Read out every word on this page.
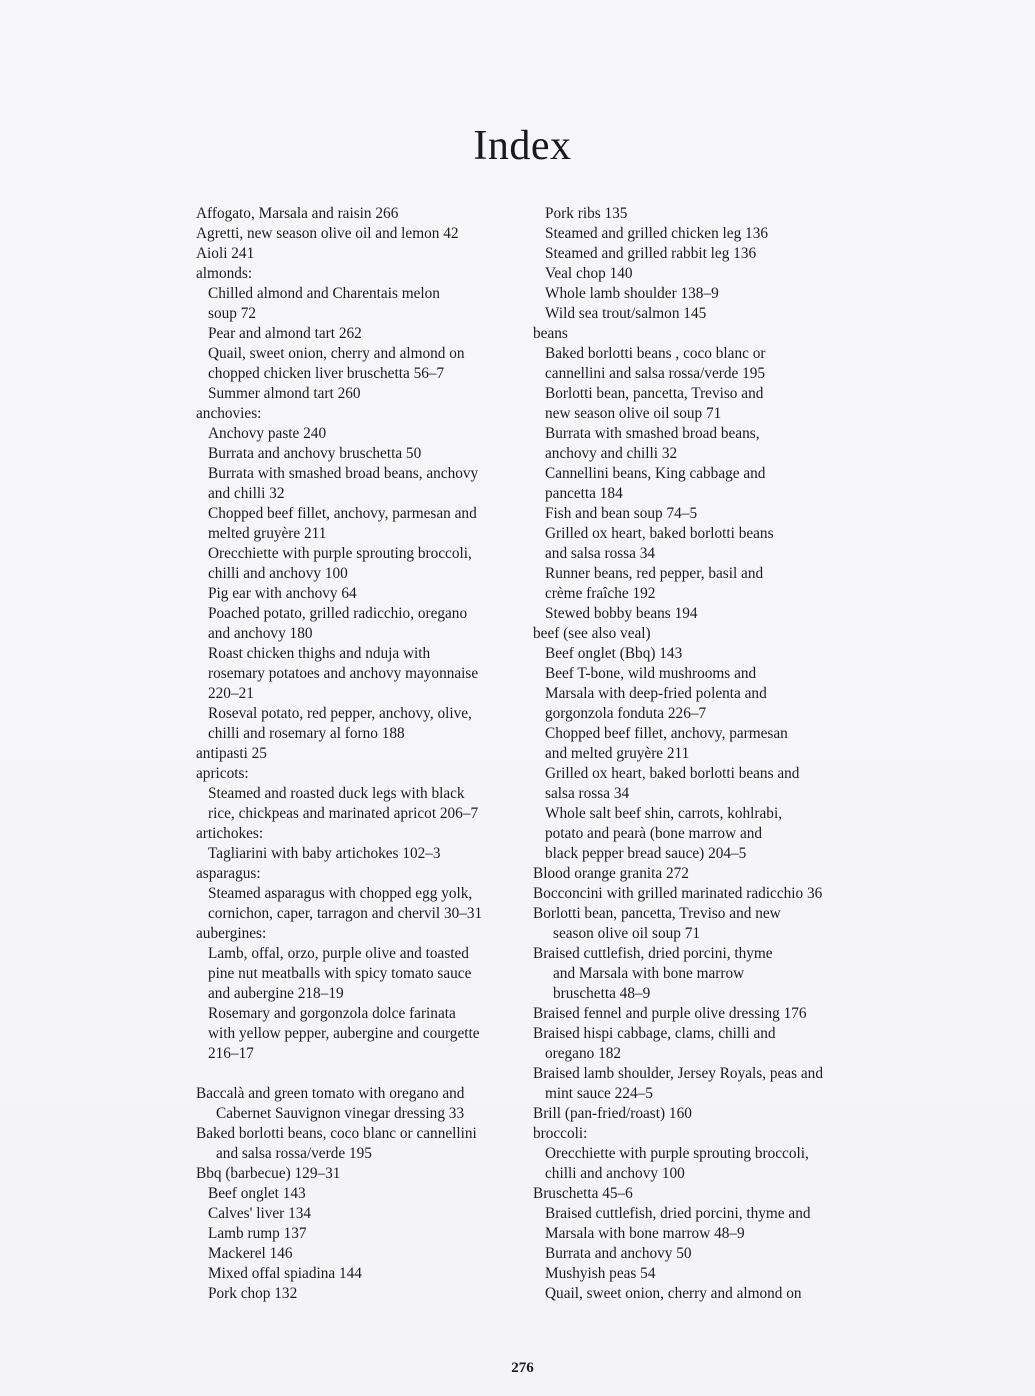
Index
Affogato, Marsala and raisin 266
Agretti, new season olive oil and lemon 42
Aioli 241
almonds:
Chilled almond and Charentais melon
soup 72
Pear and almond tart 262
Quail, sweet onion, cherry and almond on
chopped chicken liver bruschetta 56–7
Summer almond tart 260
anchovies:
Anchovy paste 240
Burrata and anchovy bruschetta 50
Burrata with smashed broad beans, anchovy
and chilli 32
Chopped beef fillet, anchovy, parmesan and
melted gruyère 211
Orecchiette with purple sprouting broccoli,
chilli and anchovy 100
Pig ear with anchovy 64
Poached potato, grilled radicchio, oregano
and anchovy 180
Roast chicken thighs and nduja with
rosemary potatoes and anchovy mayonnaise
220–21
Roseval potato, red pepper, anchovy, olive,
chilli and rosemary al forno 188
antipasti 25
apricots:
Steamed and roasted duck legs with black
rice, chickpeas and marinated apricot 206–7
artichokes:
Tagliarini with baby artichokes 102–3
asparagus:
Steamed asparagus with chopped egg yolk,
cornichon, caper, tarragon and chervil 30–31
aubergines:
Lamb, offal, orzo, purple olive and toasted
pine nut meatballs with spicy tomato sauce
and aubergine 218–19
Rosemary and gorgonzola dolce farinata
with yellow pepper, aubergine and courgette
216–17
Baccalà and green tomato with oregano and
Cabernet Sauvignon vinegar dressing 33
Baked borlotti beans, coco blanc or cannellini
and salsa rossa/verde 195
Bbq (barbecue) 129–31
Beef onglet 143
Calves' liver 134
Lamb rump 137
Mackerel 146
Mixed offal spiadina 144
Pork chop 132
Pork ribs 135
Steamed and grilled chicken leg 136
Steamed and grilled rabbit leg 136
Veal chop 140
Whole lamb shoulder 138–9
Wild sea trout/salmon 145
beans
Baked borlotti beans , coco blanc or
cannellini and salsa rossa/verde 195
Borlotti bean, pancetta, Treviso and
new season olive oil soup 71
Burrata with smashed broad beans,
anchovy and chilli 32
Cannellini beans, King cabbage and
pancetta 184
Fish and bean soup 74–5
Grilled ox heart, baked borlotti beans
and salsa rossa 34
Runner beans, red pepper, basil and
crème fraîche 192
Stewed bobby beans 194
beef (see also veal)
Beef onglet (Bbq) 143
Beef T-bone, wild mushrooms and
Marsala with deep-fried polenta and
gorgonzola fonduta 226–7
Chopped beef fillet, anchovy, parmesan
and melted gruyère 211
Grilled ox heart, baked borlotti beans and
salsa rossa 34
Whole salt beef shin, carrots, kohlrabi,
potato and pearà (bone marrow and
black pepper bread sauce) 204–5
Blood orange granita 272
Bocconcini with grilled marinated radicchio 36
Borlotti bean, pancetta, Treviso and new
season olive oil soup 71
Braised cuttlefish, dried porcini, thyme
and Marsala with bone marrow
bruschetta 48–9
Braised fennel and purple olive dressing 176
Braised hispi cabbage, clams, chilli and
oregano 182
Braised lamb shoulder, Jersey Royals, peas and
mint sauce 224–5
Brill (pan-fried/roast) 160
broccoli:
Orecchiette with purple sprouting broccoli,
chilli and anchovy 100
Bruschetta 45–6
Braised cuttlefish, dried porcini, thyme and
Marsala with bone marrow 48–9
Burrata and anchovy 50
Mushyish peas 54
Quail, sweet onion, cherry and almond on
276
